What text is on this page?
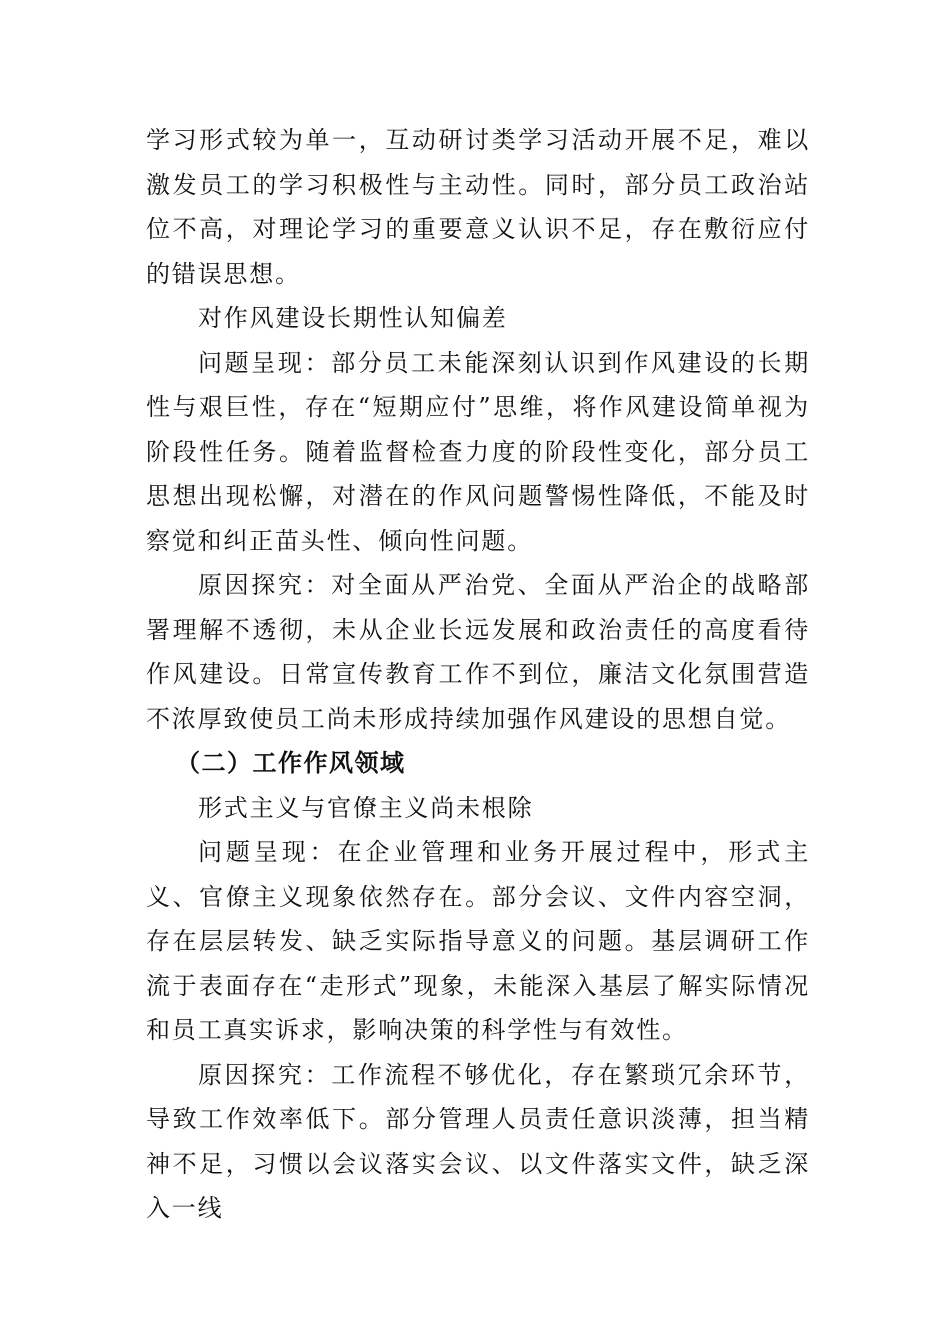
学习形式较为单一，互动研讨类学习活动开展不足，难以激发员工的学习积极性与主动性。同时，部分员工政治站位不高，对理论学习的重要意义认识不足，存在敷衍应付的错误思想。

对作风建设长期性认知偏差

问题呈现：部分员工未能深刻认识到作风建设的长期性与艰巨性，存在“短期应付”思维，将作风建设简单视为阶段性任务。随着监督检查力度的阶段性变化，部分员工思想出现松懈，对潜在的作风问题警惕性降低，不能及时察觉和纠正苗头性、倾向性问题。

原因探究：对全面从严治党、全面从严治企的战略部署理解不透彻，未从企业长远发展和政治责任的高度看待作风建设。日常宣传教育工作不到位，廉洁文化氛围营造不浓厚致使员工尚未形成持续加强作风建设的思想自觉。

（二）工作作风领域

形式主义与官僚主义尚未根除

问题呈现：在企业管理和业务开展过程中，形式主义、官僚主义现象依然存在。部分会议、文件内容空洞，存在层层转发、缺乏实际指导意义的问题。基层调研工作流于表面存在“走形式”现象，未能深入基层了解实际情况和员工真实诉求，影响决策的科学性与有效性。

原因探究：工作流程不够优化，存在繁琐冗余环节，导致工作效率低下。部分管理人员责任意识淡薄，担当精神不足，习惯以会议落实会议、以文件落实文件，缺乏深入一线
